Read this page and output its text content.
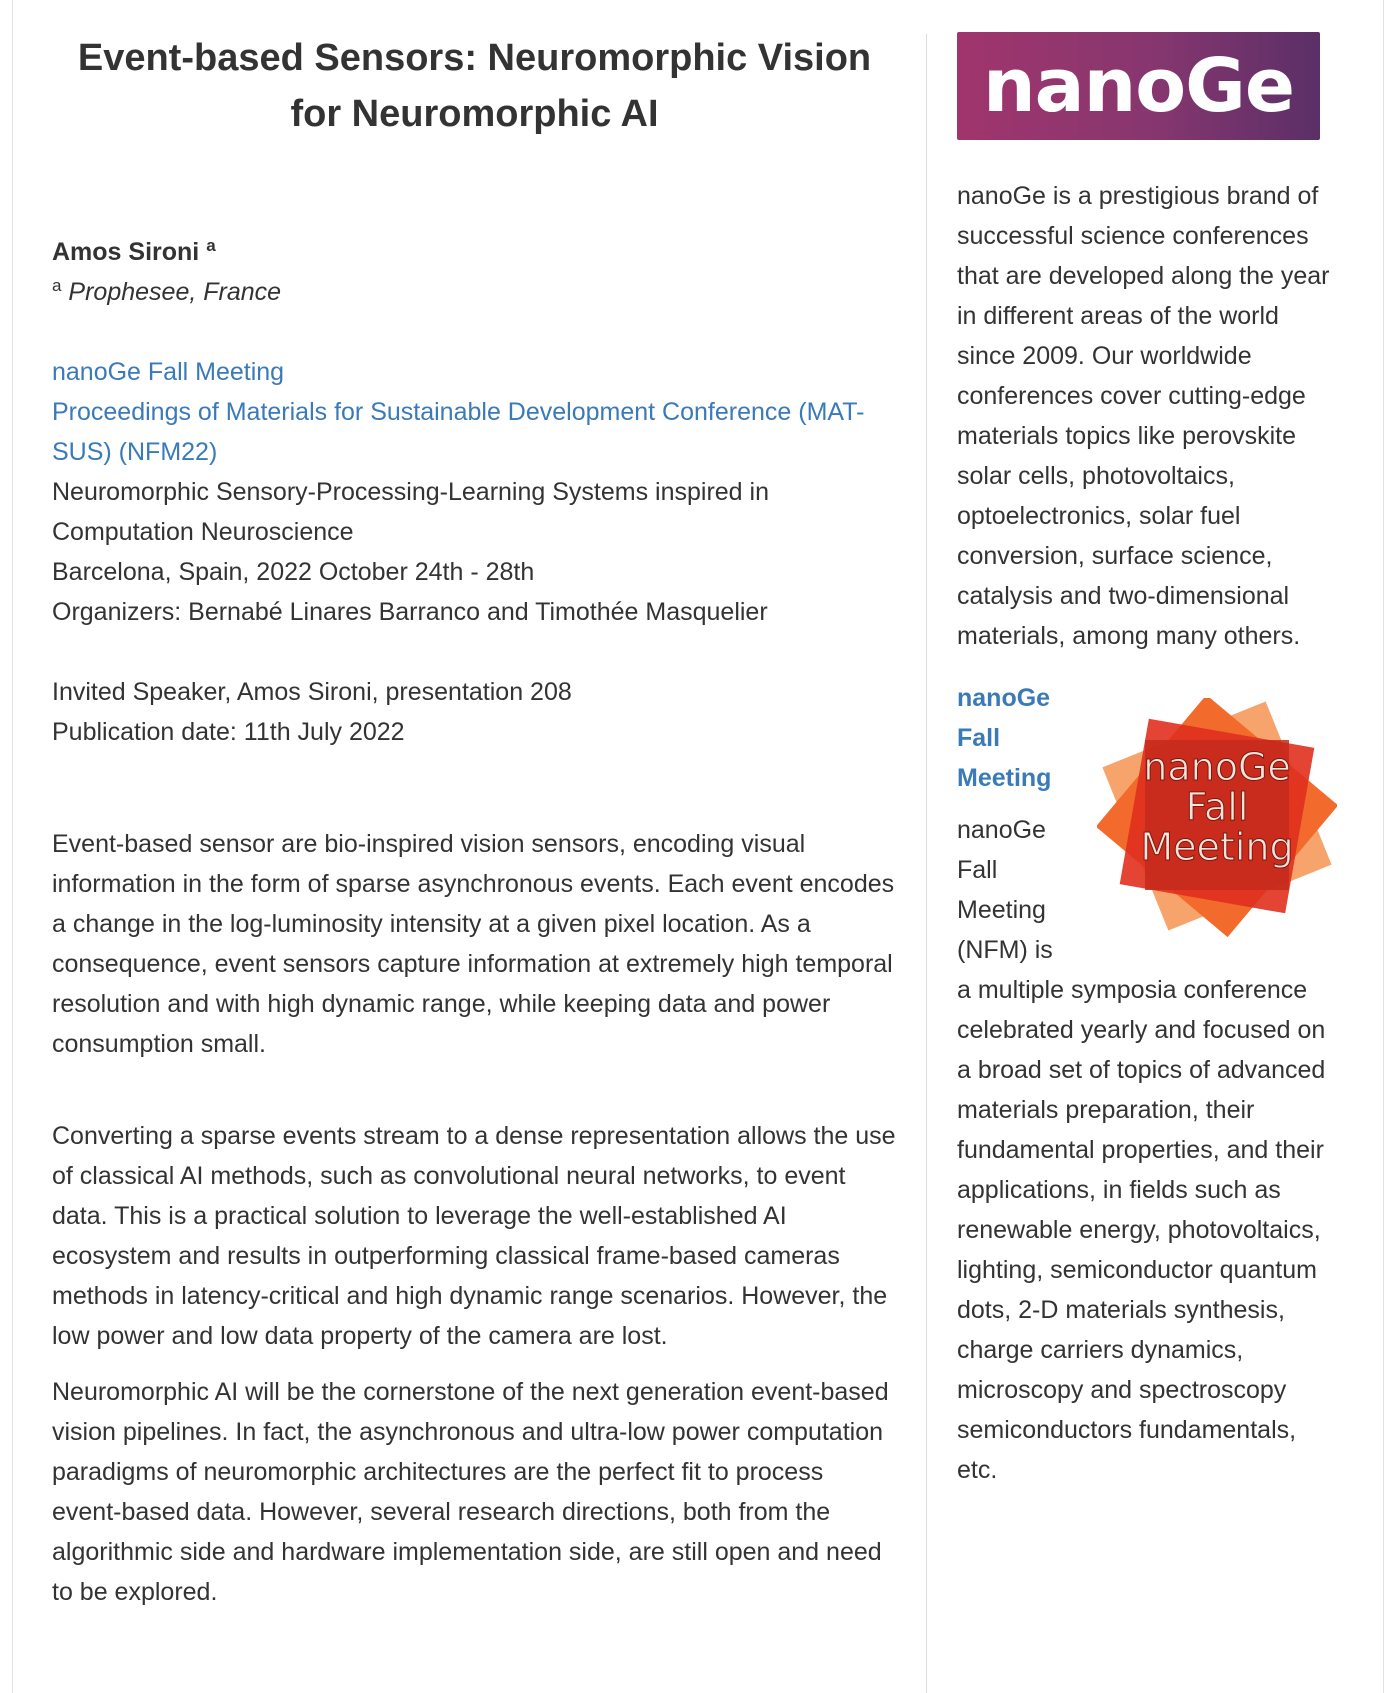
Event-based Sensors: Neuromorphic Vision for Neuromorphic AI
Amos Sironi $^a$
$^a$ Prophesee, France
nanoGe Fall Meeting
Proceedings of Materials for Sustainable Development Conference (MAT-SUS) (NFM22)
Neuromorphic Sensory-Processing-Learning Systems inspired in Computation Neuroscience
Barcelona, Spain, 2022 October 24th - 28th
Organizers: Bernabé Linares Barranco and Timothée Masquelier
Invited Speaker, Amos Sironi, presentation 208
Publication date: 11th July 2022

Event-based sensor are bio-inspired vision sensors, encoding visual information in the form of sparse asynchronous events. Each event encodes a change in the log-luminosity intensity at a given pixel location. As a consequence, event sensors capture information at extremely high temporal resolution and with high dynamic range, while keeping data and power consumption small.

Converting a sparse events stream to a dense representation allows the use of classical AI methods, such as convolutional neural networks, to event data. This is a practical solution to leverage the well-established AI ecosystem and results in outperforming classical frame-based cameras methods in latency-critical and high dynamic range scenarios. However, the low power and low data property of the camera are lost.

Neuromorphic AI will be the cornerstone of the next generation event-based vision pipelines. In fact, the asynchronous and ultra-low power computation paradigms of neuromorphic architectures are the perfect fit to process event-based data. However, several research directions, both from the algorithmic side and hardware implementation side, are still open and need to be explored.

nanoGe

nanoGe is a prestigious brand of successful science conferences that are developed along the year in different areas of the world since 2009. Our worldwide conferences cover cutting-edge materials topics like perovskite solar cells, photovoltaics, optoelectronics, solar fuel conversion, surface science, catalysis and two-dimensional materials, among many others.

nanoGe
Fall
Meeting
nanoGe Fall Meeting

nanoGe Fall Meeting (NFM) is

a multiple symposia conference celebrated yearly and focused on a broad set of topics of advanced materials preparation, their fundamental properties, and their applications, in fields such as renewable energy, photovoltaics, lighting, semiconductor quantum dots, 2-D materials synthesis, charge carriers dynamics, microscopy and spectroscopy semiconductors fundamentals, etc.
